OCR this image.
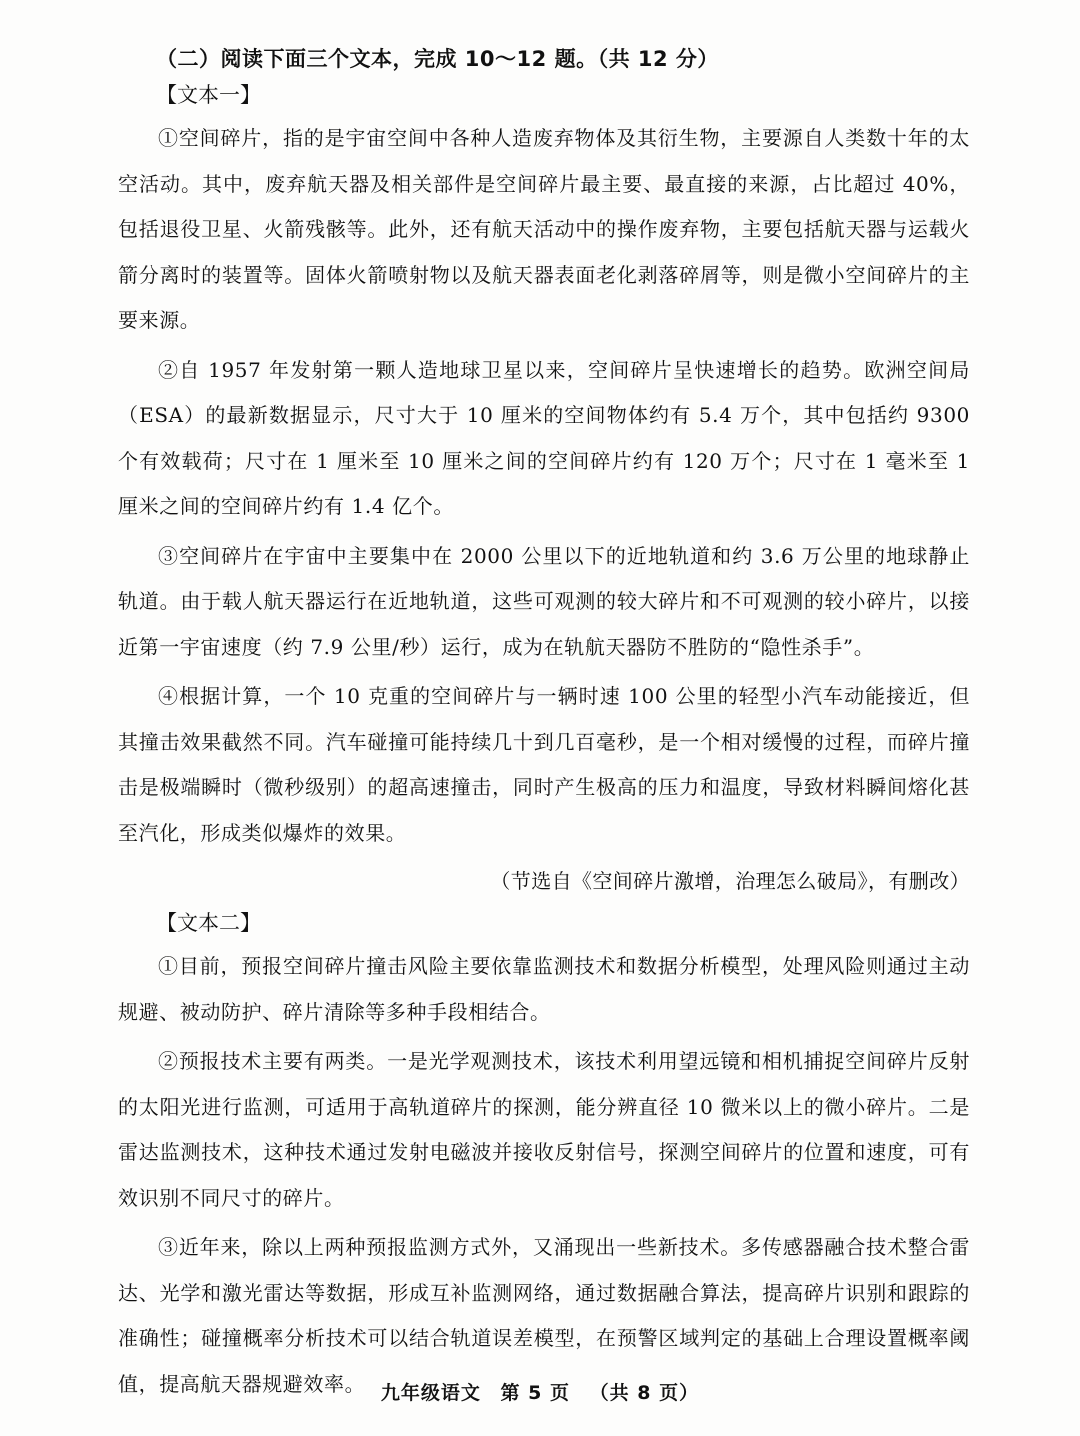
（二）阅读下面三个文本，完成 10～12 题。（共 12 分）
【文本一】

①空间碎片，指的是宇宙空间中各种人造废弃物体及其衍生物，主要源自人类数十年的太空活动。其中，废弃航天器及相关部件是空间碎片最主要、最直接的来源，占比超过 40%，包括退役卫星、火箭残骸等。此外，还有航天活动中的操作废弃物，主要包括航天器与运载火箭分离时的装置等。固体火箭喷射物以及航天器表面老化剥落碎屑等，则是微小空间碎片的主要来源。

②自 1957 年发射第一颗人造地球卫星以来，空间碎片呈快速增长的趋势。欧洲空间局（ESA）的最新数据显示，尺寸大于 10 厘米的空间物体约有 5.4 万个，其中包括约 9300 个有效载荷；尺寸在 1 厘米至 10 厘米之间的空间碎片约有 120 万个；尺寸在 1 毫米至 1 厘米之间的空间碎片约有 1.4 亿个。

③空间碎片在宇宙中主要集中在 2000 公里以下的近地轨道和约 3.6 万公里的地球静止轨道。由于载人航天器运行在近地轨道，这些可观测的较大碎片和不可观测的较小碎片，以接近第一宇宙速度（约 7.9 公里/秒）运行，成为在轨航天器防不胜防的“隐性杀手”。

④根据计算，一个 10 克重的空间碎片与一辆时速 100 公里的轻型小汽车动能接近，但其撞击效果截然不同。汽车碰撞可能持续几十到几百毫秒，是一个相对缓慢的过程，而碎片撞击是极端瞬时（微秒级别）的超高速撞击，同时产生极高的压力和温度，导致材料瞬间熔化甚至汽化，形成类似爆炸的效果。

（节选自《空间碎片激增，治理怎么破局》，有删改）
【文本二】

①目前，预报空间碎片撞击风险主要依靠监测技术和数据分析模型，处理风险则通过主动规避、被动防护、碎片清除等多种手段相结合。

②预报技术主要有两类。一是光学观测技术，该技术利用望远镜和相机捕捉空间碎片反射的太阳光进行监测，可适用于高轨道碎片的探测，能分辨直径 10 微米以上的微小碎片。二是雷达监测技术，这种技术通过发射电磁波并接收反射信号，探测空间碎片的位置和速度，可有效识别不同尺寸的碎片。

③近年来，除以上两种预报监测方式外，又涌现出一些新技术。多传感器融合技术整合雷达、光学和激光雷达等数据，形成互补监测网络，通过数据融合算法，提高碎片识别和跟踪的准确性；碰撞概率分析技术可以结合轨道误差模型，在预警区域判定的基础上合理设置概率阈值，提高航天器规避效率。 九年级语文 第 5 页 （共 8 页）
